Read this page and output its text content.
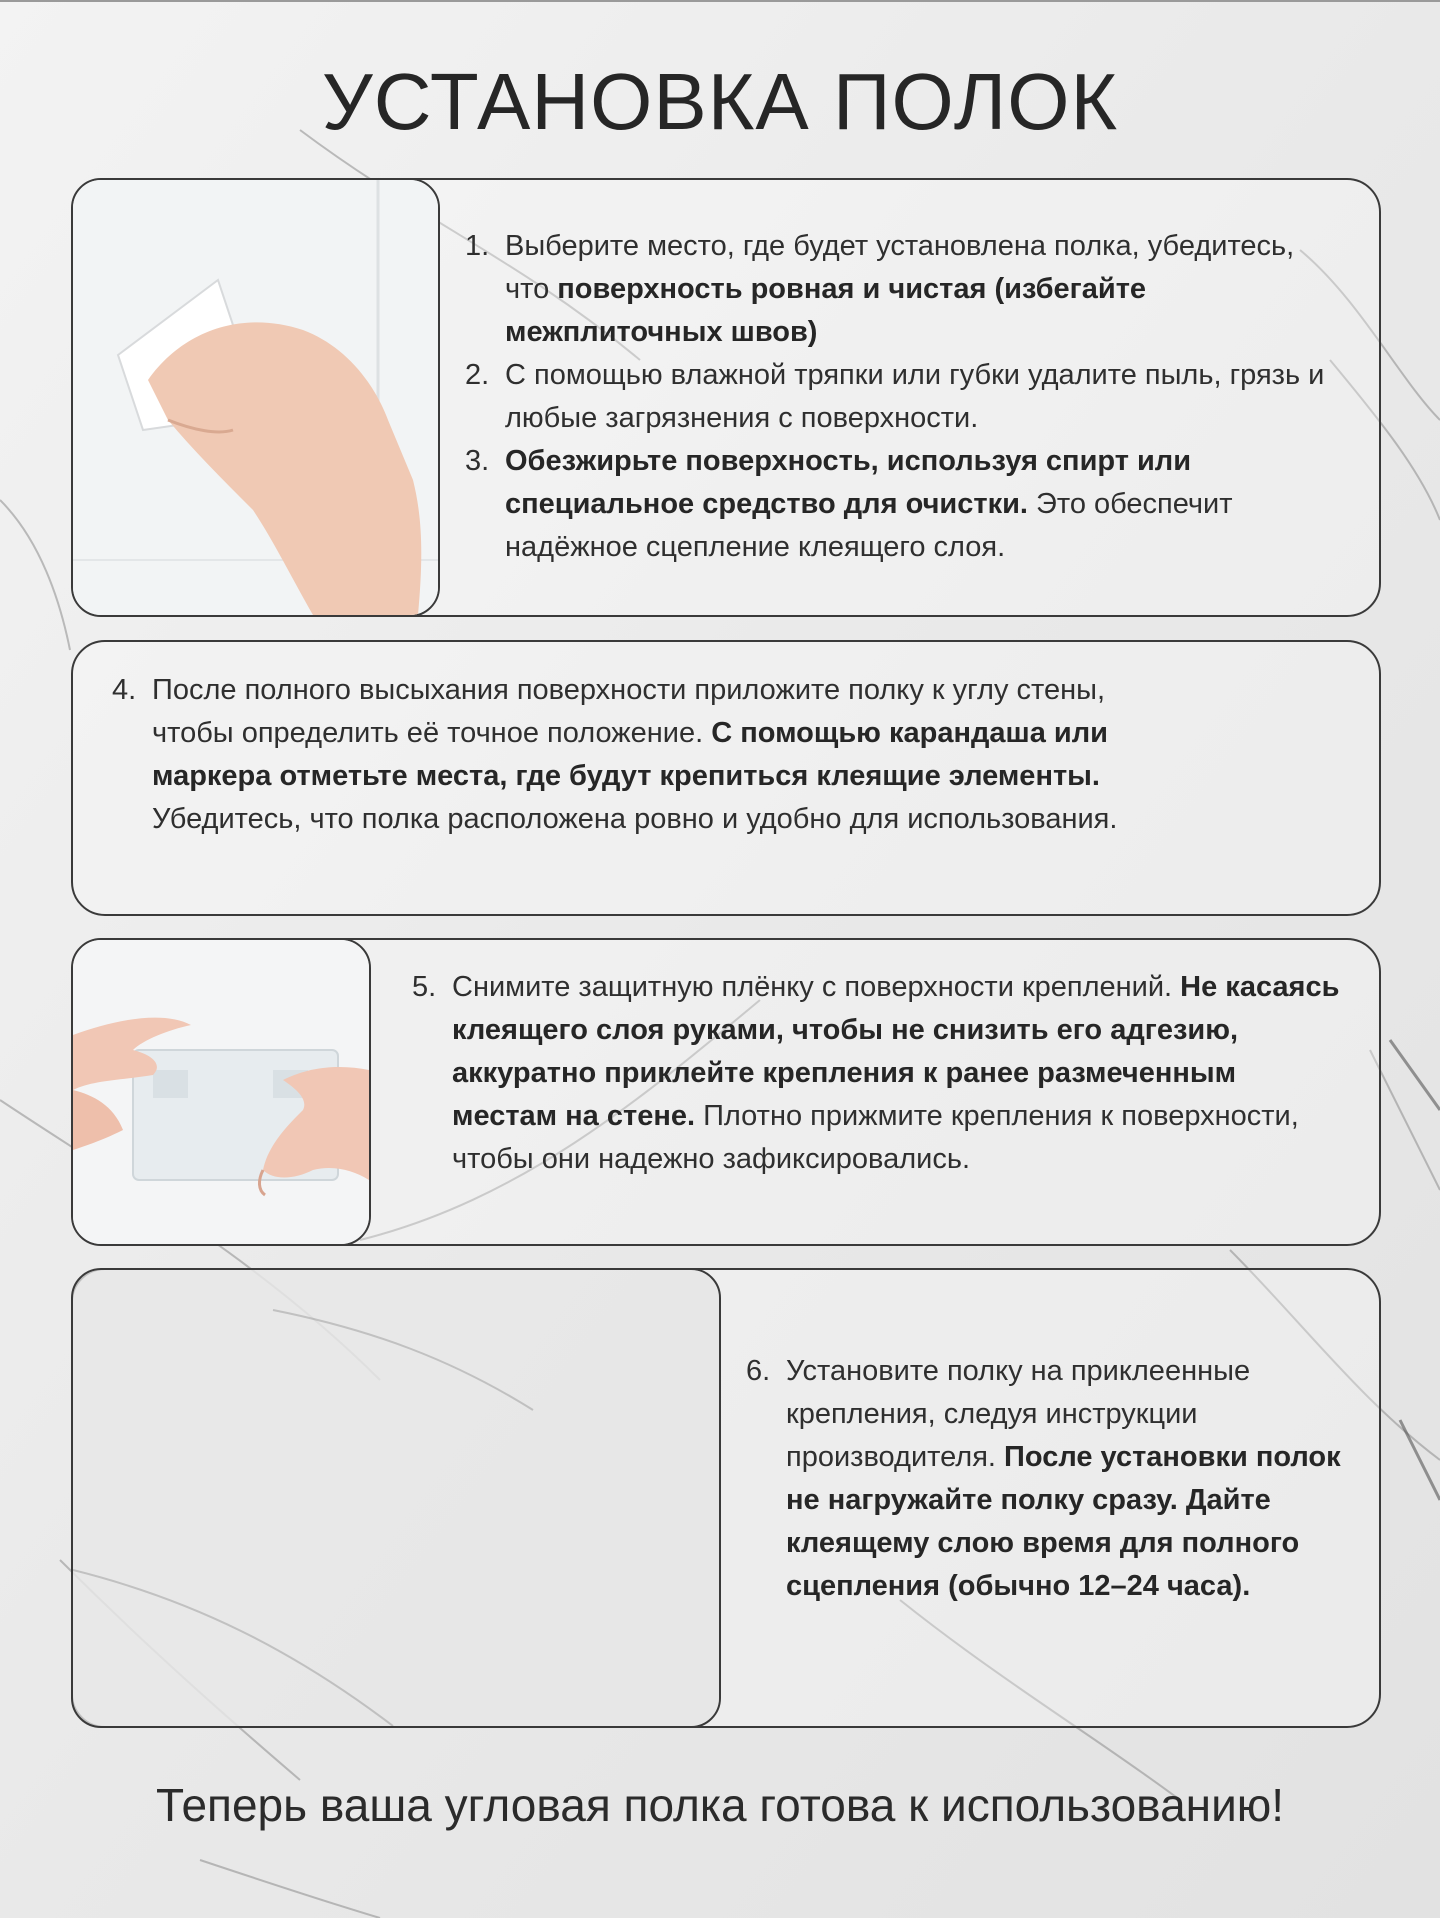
УСТАНОВКА ПОЛОК
1. Выберите место, где будет установлена полка, убедитесь, что поверхность ровная и чистая (избегайте межплиточных швов)
2. С помощью влажной тряпки или губки удалите пыль, грязь и любые загрязнения с поверхности.
3. Обезжирьте поверхность, используя спирт или специальное средство для очистки. Это обеспечит надёжное сцепление клеящего слоя.
4. После полного высыхания поверхности приложите полку к углу стены, чтобы определить её точное положение. С помощью карандаша или маркера отметьте места, где будут крепиться клеящие элементы. Убедитесь, что полка расположена ровно и удобно для использования.
5. Снимите защитную плёнку с поверхности креплений. Не касаясь клеящего слоя руками, чтобы не снизить его адгезию, аккуратно приклейте крепления к ранее размеченным местам на стене. Плотно прижмите крепления к поверхности, чтобы они надежно зафиксировались.
6. Установите полку на приклеенные крепления, следуя инструкции производителя. После установки полок не нагружайте полку сразу. Дайте клеящему слою время для полного сцепления (обычно 12–24 часа).
Теперь ваша угловая полка готова к использованию!
